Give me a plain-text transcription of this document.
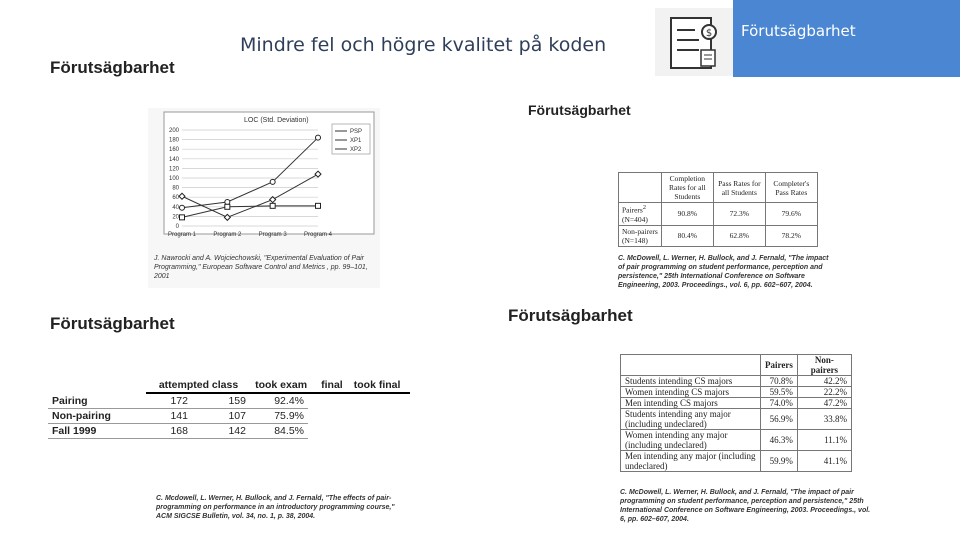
Mindre fel och högre kvalitet på koden
$	Förutsägbarhet
Förutsägbarhet
LOC (Std. Deviation)
0
20
40
60
80
100
120
140
160
180
200
Program 1	Program 2	Program 3	Program 4
PSP
XP1
XP2
J. Nawrocki and A. Wojciechowski, "Experimental Evaluation of Pair Programming," European Software Control and Metrics , pp. 99–101, 2001
Förutsägbarhet
	Completion Rates for all Students	Pass Rates for all Students	Completer's Pass Rates
Pairers$^2$
(N=404)	90.8%	72.3%	79.6%
Non-pairers
(N=148)	80.4%	62.8%	78.2%
C. McDowell, L. Werner, H. Bullock, and J. Fernald, "The impact of pair programming on student performance, perception and persistence," 25th International Conference on Software Engineering, 2003. Proceedings., vol. 6, pp. 602–607, 2004.
Förutsägbarhet
	attempted class	took exam	final	took final
Pairing	172	159	92.4%
Non-pairing	141	107	75.9%
Fall 1999	168	142	84.5%
C. Mcdowell, L. Werner, H. Bullock, and J. Fernald, "The effects of pair-programming on performance in an introductory programming course," ACM SIGCSE Bulletin, vol. 34, no. 1, p. 38, 2004.
Förutsägbarhet
	Pairers	Non-pairers
Students intending CS majors	70.8%	42.2%
Women intending CS majors	59.5%	22.2%
Men intending CS majors	74.0%	47.2%
Students intending any major (including undeclared)	56.9%	33.8%
Women intending any major (including undeclared)	46.3%	11.1%
Men intending any major (including undeclared)	59.9%	41.1%
C. McDowell, L. Werner, H. Bullock, and J. Fernald, "The impact of pair programming on student performance, perception and persistence," 25th International Conference on Software Engineering, 2003. Proceedings., vol. 6, pp. 602–607, 2004.
